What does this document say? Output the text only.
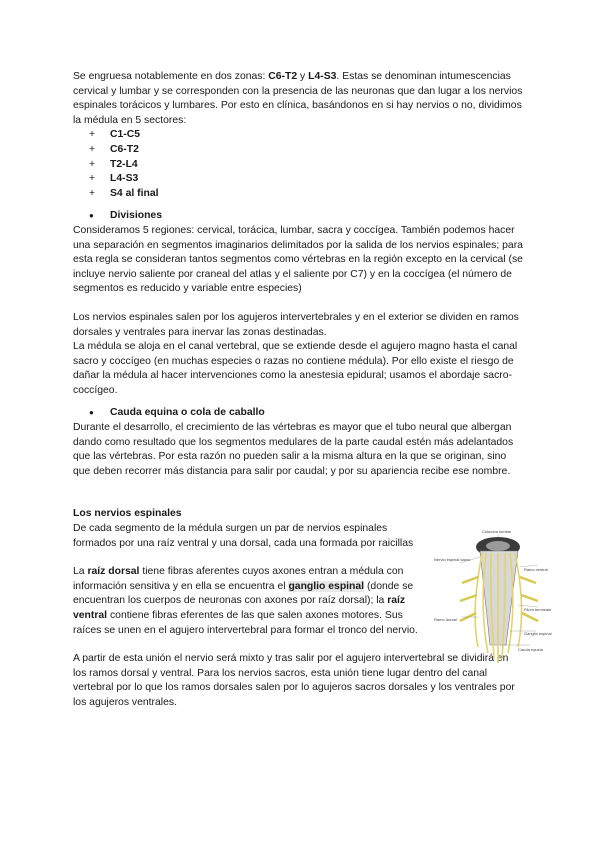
Se engruesa notablemente en dos zonas: C6-T2 y L4-S3. Estas se denominan intumescencias cervical y lumbar y se corresponden con la presencia de las neuronas que dan lugar a los nervios espinales torácicos y lumbares. Por esto en clínica, basándonos en si hay nervios o no, dividimos la médula en 5 sectores:

+	C1-C5
+	C6-T2
+	T2-L4
+	L4-S3
+	S4 al final
●	Divisiones

Consideramos 5 regiones: cervical, torácica, lumbar, sacra y coccígea. También podemos hacer una separación en segmentos imaginarios delimitados por la salida de los nervios espinales; para esta regla se consideran tantos segmentos como vértebras en la región excepto en la cervical (se incluye nervio saliente por craneal del atlas y el saliente por C7) y en la coccígea (el número de segmentos es reducido y variable entre especies)

Los nervios espinales salen por los agujeros intervertebrales y en el exterior se dividen en ramos dorsales y ventrales para inervar las zonas destinadas.

La médula se aloja en el canal vertebral, que se extiende desde el agujero magno hasta el canal sacro y coccígeo (en muchas especies o razas no contiene médula). Por ello existe el riesgo de dañar la médula al hacer intervenciones como la anestesia epidural; usamos el abordaje sacro-coccígeo.

●	Cauda equina o cola de caballo

Durante el desarrollo, el crecimiento de las vértebras es mayor que el tubo neural que albergan dando como resultado que los segmentos medulares de la parte caudal estén más adelantados que las vértebras. Por esta razón no pueden salir a la misma altura en la que se originan, sino que deben recorrer más distancia para salir por caudal; y por su apariencia recibe ese nombre.

Los nervios espinales

De cada segmento de la médula surgen un par de nervios espinales formados por una raíz ventral y una dorsal, cada una formada por raicillas

La raíz dorsal tiene fibras aferentes cuyos axones entran a médula con información sensitiva y en ella se encuentra el ganglio espinal (donde se encuentran los cuerpos de neuronas con axones por raíz dorsal); la raíz ventral contiene fibras eferentes de las que salen axones motores. Sus raíces se unen en el agujero intervertebral para formar el tronco del nervio.

A partir de esta unión el nervio será mixto y tras salir por el agujero intervertebral se dividirá en los ramos dorsal y ventral. Para los nervios sacros, esta unión tiene lugar dentro del canal vertebral por lo que los ramos dorsales salen por lo agujeros sacros dorsales y los ventrales por los agujeros ventrales.

Columna lumbal
Nervio espinal sacro
Ramo ventral
Filum terminale
Ramo dorsal
Ganglio espinal
Cauda equina
